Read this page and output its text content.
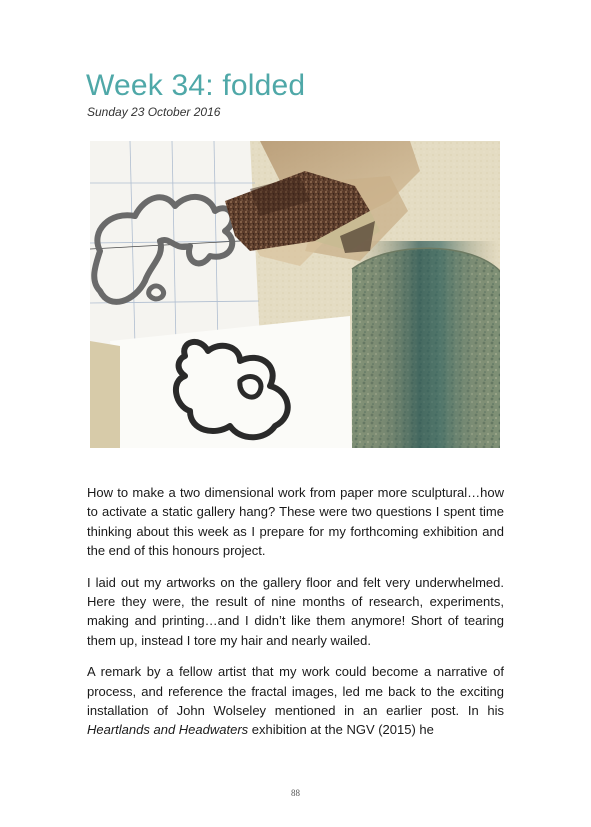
Week 34: folded
Sunday 23 October 2016

How to make a two dimensional work from paper more sculptural…how to activate a static gallery hang? These were two questions I spent time thinking about this week as I prepare for my forthcoming exhibition and the end of this honours project.

I laid out my artworks on the gallery floor and felt very underwhelmed. Here they were, the result of nine months of research, experiments, making and printing…and I didn’t like them anymore! Short of tearing them up, instead I tore my hair and nearly wailed.

A remark by a fellow artist that my work could become a narrative of process, and reference the fractal images, led me back to the exciting installation of John Wolseley mentioned in an earlier post. In his Heartlands and Headwaters exhibition at the NGV (2015) he

88
